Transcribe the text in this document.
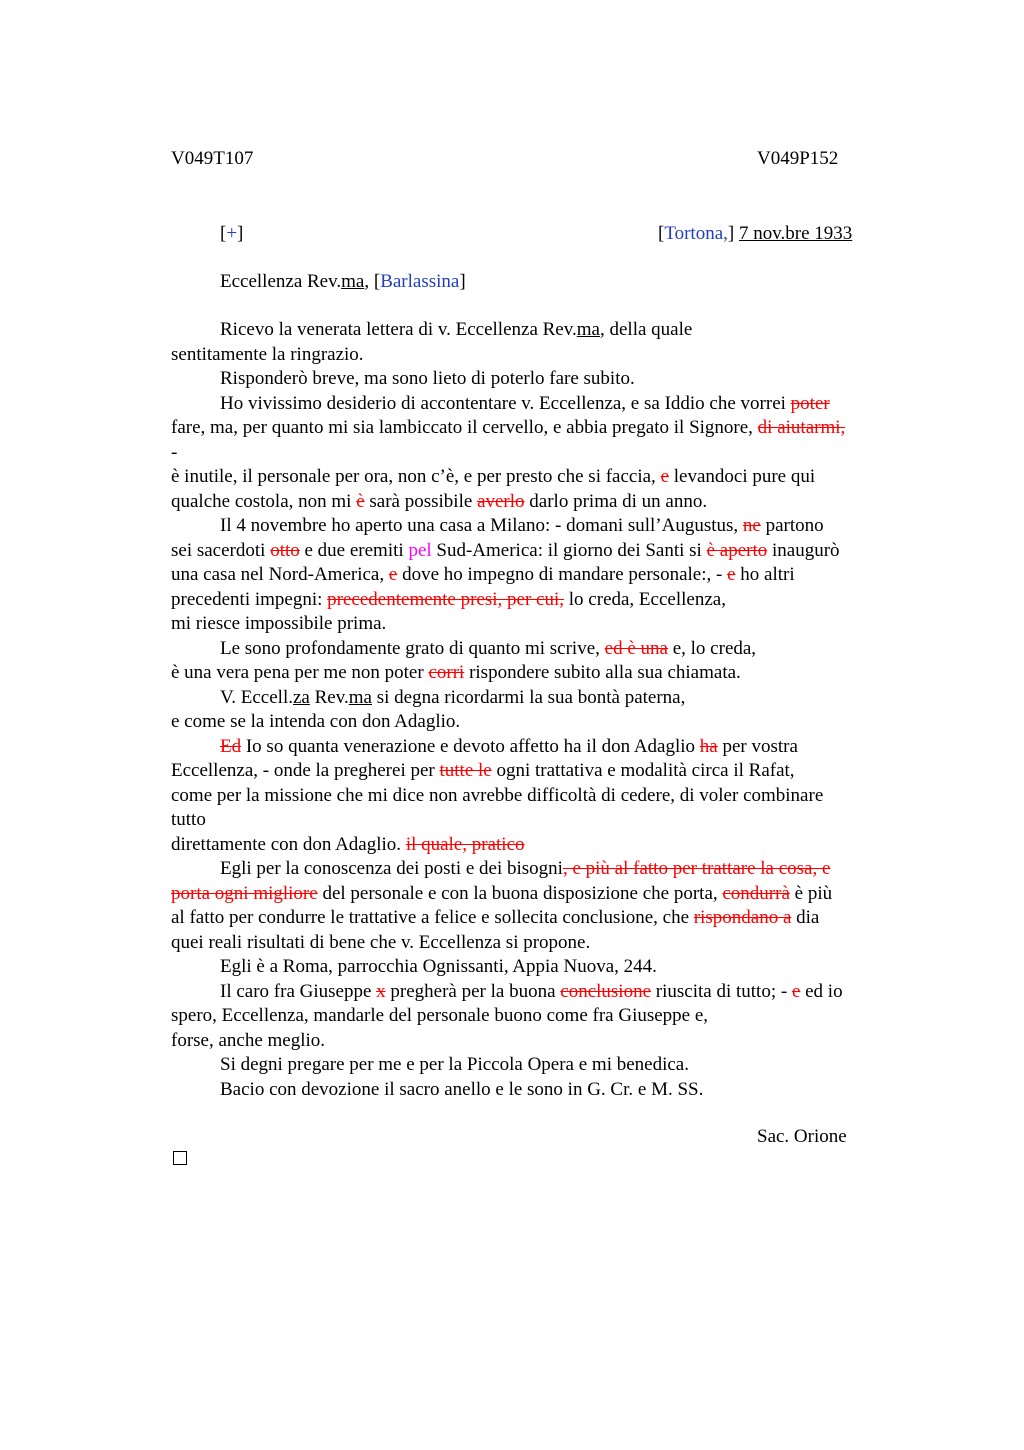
V049T107	V049P152
[+]	[Tortona,] 7 nov.bre 1933
Eccellenza Rev.ma, [Barlassina]
Ricevo la venerata lettera di v. Eccellenza Rev.ma, della quale
sentitamente la ringrazio.
Risponderò breve, ma sono lieto di poterlo fare subito.
Ho vivissimo desiderio di accontentare v. Eccellenza, e sa Iddio che vorrei poter
fare, ma, per quanto mi sia lambiccato il cervello, e abbia pregato il Signore, di aiutarmi,
-
è inutile, il personale per ora, non c’è, e per presto che si faccia, e levandoci pure qui
qualche costola, non mi è sarà possibile averlo darlo prima di un anno.
Il 4 novembre ho aperto una casa a Milano: - domani sull’Augustus, ne partono
sei sacerdoti otto e due eremiti pel Sud-America: il giorno dei Santi si è aperto inaugurò
una casa nel Nord-America, e dove ho impegno di mandare personale:, - e ho altri
precedenti impegni: precedentemente presi, per cui, lo creda, Eccellenza,
mi riesce impossibile prima.
Le sono profondamente grato di quanto mi scrive, ed è una e, lo creda,
è una vera pena per me non poter corri rispondere subito alla sua chiamata.
V. Eccell.za Rev.ma si degna ricordarmi la sua bontà paterna,
e come se la intenda con don Adaglio.
Ed Io so quanta venerazione e devoto affetto ha il don Adaglio ha per vostra
Eccellenza, - onde la pregherei per tutte le ogni trattativa e modalità circa il Rafat,
come per la missione che mi dice non avrebbe difficoltà di cedere, di voler combinare
tutto
direttamente con don Adaglio. il quale, pratico
Egli per la conoscenza dei posti e dei bisogni, e più al fatto per trattare la cosa, e
porta ogni migliore del personale e con la buona disposizione che porta, condurrà è più
al fatto per condurre le trattative a felice e sollecita conclusione, che rispondano a dia
quei reali risultati di bene che v. Eccellenza si propone.
Egli è a Roma, parrocchia Ognissanti, Appia Nuova, 244.
Il caro fra Giuseppe x pregherà per la buona conclusione riuscita di tutto; - e ed io
spero, Eccellenza, mandarle del personale buono come fra Giuseppe e,
forse, anche meglio.
Si degni pregare per me e per la Piccola Opera e mi benedica.
Bacio con devozione il sacro anello e le sono in G. Cr. e M. SS.
Sac. Orione
